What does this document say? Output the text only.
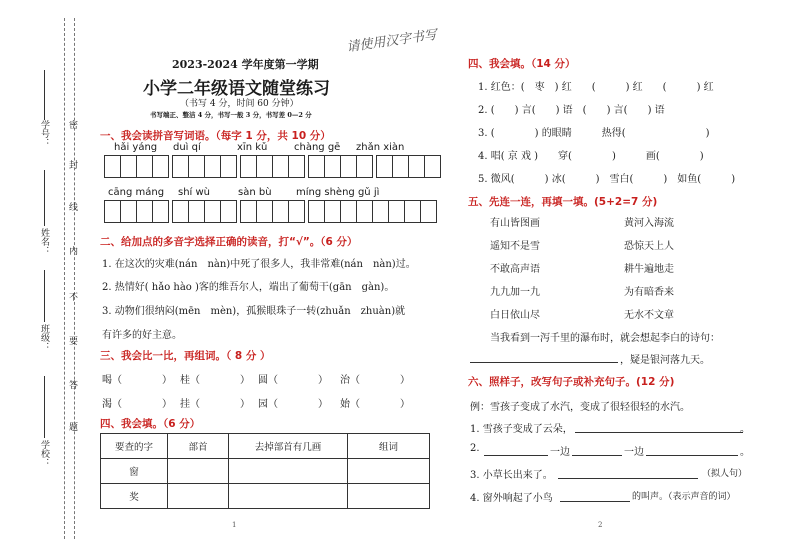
密
封
线
内
不
要
答
题
学号：
姓名：
班级：
学校：
请使用汉字书写
2023-2024 学年度第一学期
小学二年级语文随堂练习
（书写 4 分，时间 60 分钟）
书写端正、整洁 4 分，书写一般 3 分，书写差 0—2 分
一、我会读拼音写词语。（每字 1 分，共 10 分）
hǎi yáng duì qí	xīn kǔ	chàng gē zhǎn xiàn
cāng máng shí wù	sàn bù míng shèng gǔ jì
二、给加点的多音字选择正确的读音，打“√”。（6 分）
1. 在这次的灾难(nán　nàn)中死了很多人，我非常难(nán　nàn)过。
2. 热情好( hǎo hào )客的维吾尔人，端出了葡萄干(gān　gàn)。
3. 动物们很纳闷(mēn　mèn)，孤猴眼珠子一转(zhuǎn　zhuàn)就
有许多的好主意。
三、我会比一比，再组词。（ 8 分 ）
喝（　　　　） 桂（　　　　） 圆（　　　　） 治（　　　　）
渴（　　　　） 挂（　　　　） 园（　　　　） 始（　　　　）
四、我会填。（6 分）
要查的字	部首	去掉部首有几画	组词
窗			
奖			
1
四、我会填。（14 分）
1. 红色：(　枣　) 红　　(　　　) 红　　(　　　) 红
2. (　　) 言(　　) 语　(　　) 言(　　) 语
3. (　　　　) 的眼睛　　　热得(　　　　　　　　)
4. 唱( 京 戏 )　　穿(　　　　)　　　画(　　　　)
5. 微风(　　　) 冰(　　　)　雪白(　　　)　如鱼(　　　)
五、先连一连，再填一填。(5+2=7 分)
有山皆图画
遥知不是雪
不敢高声语
九九加一九
白日依山尽
黄河入海流
恐惊天上人
耕牛遍地走
为有暗香来
无水不文章
当我看到一泻千里的瀑布时，就会想起李白的诗句：
，疑是银河落九天。
六、照样子，改写句子或补充句子。(12 分)
例：雪孩子变成了水汽，变成了很轻很轻的水汽。
1. 雪孩子变成了云朵，	。
2.	一边	一边	。
3. 小草长出来了。	（拟人句）
4. 窗外响起了小鸟	的叫声。（表示声音的词）
2
